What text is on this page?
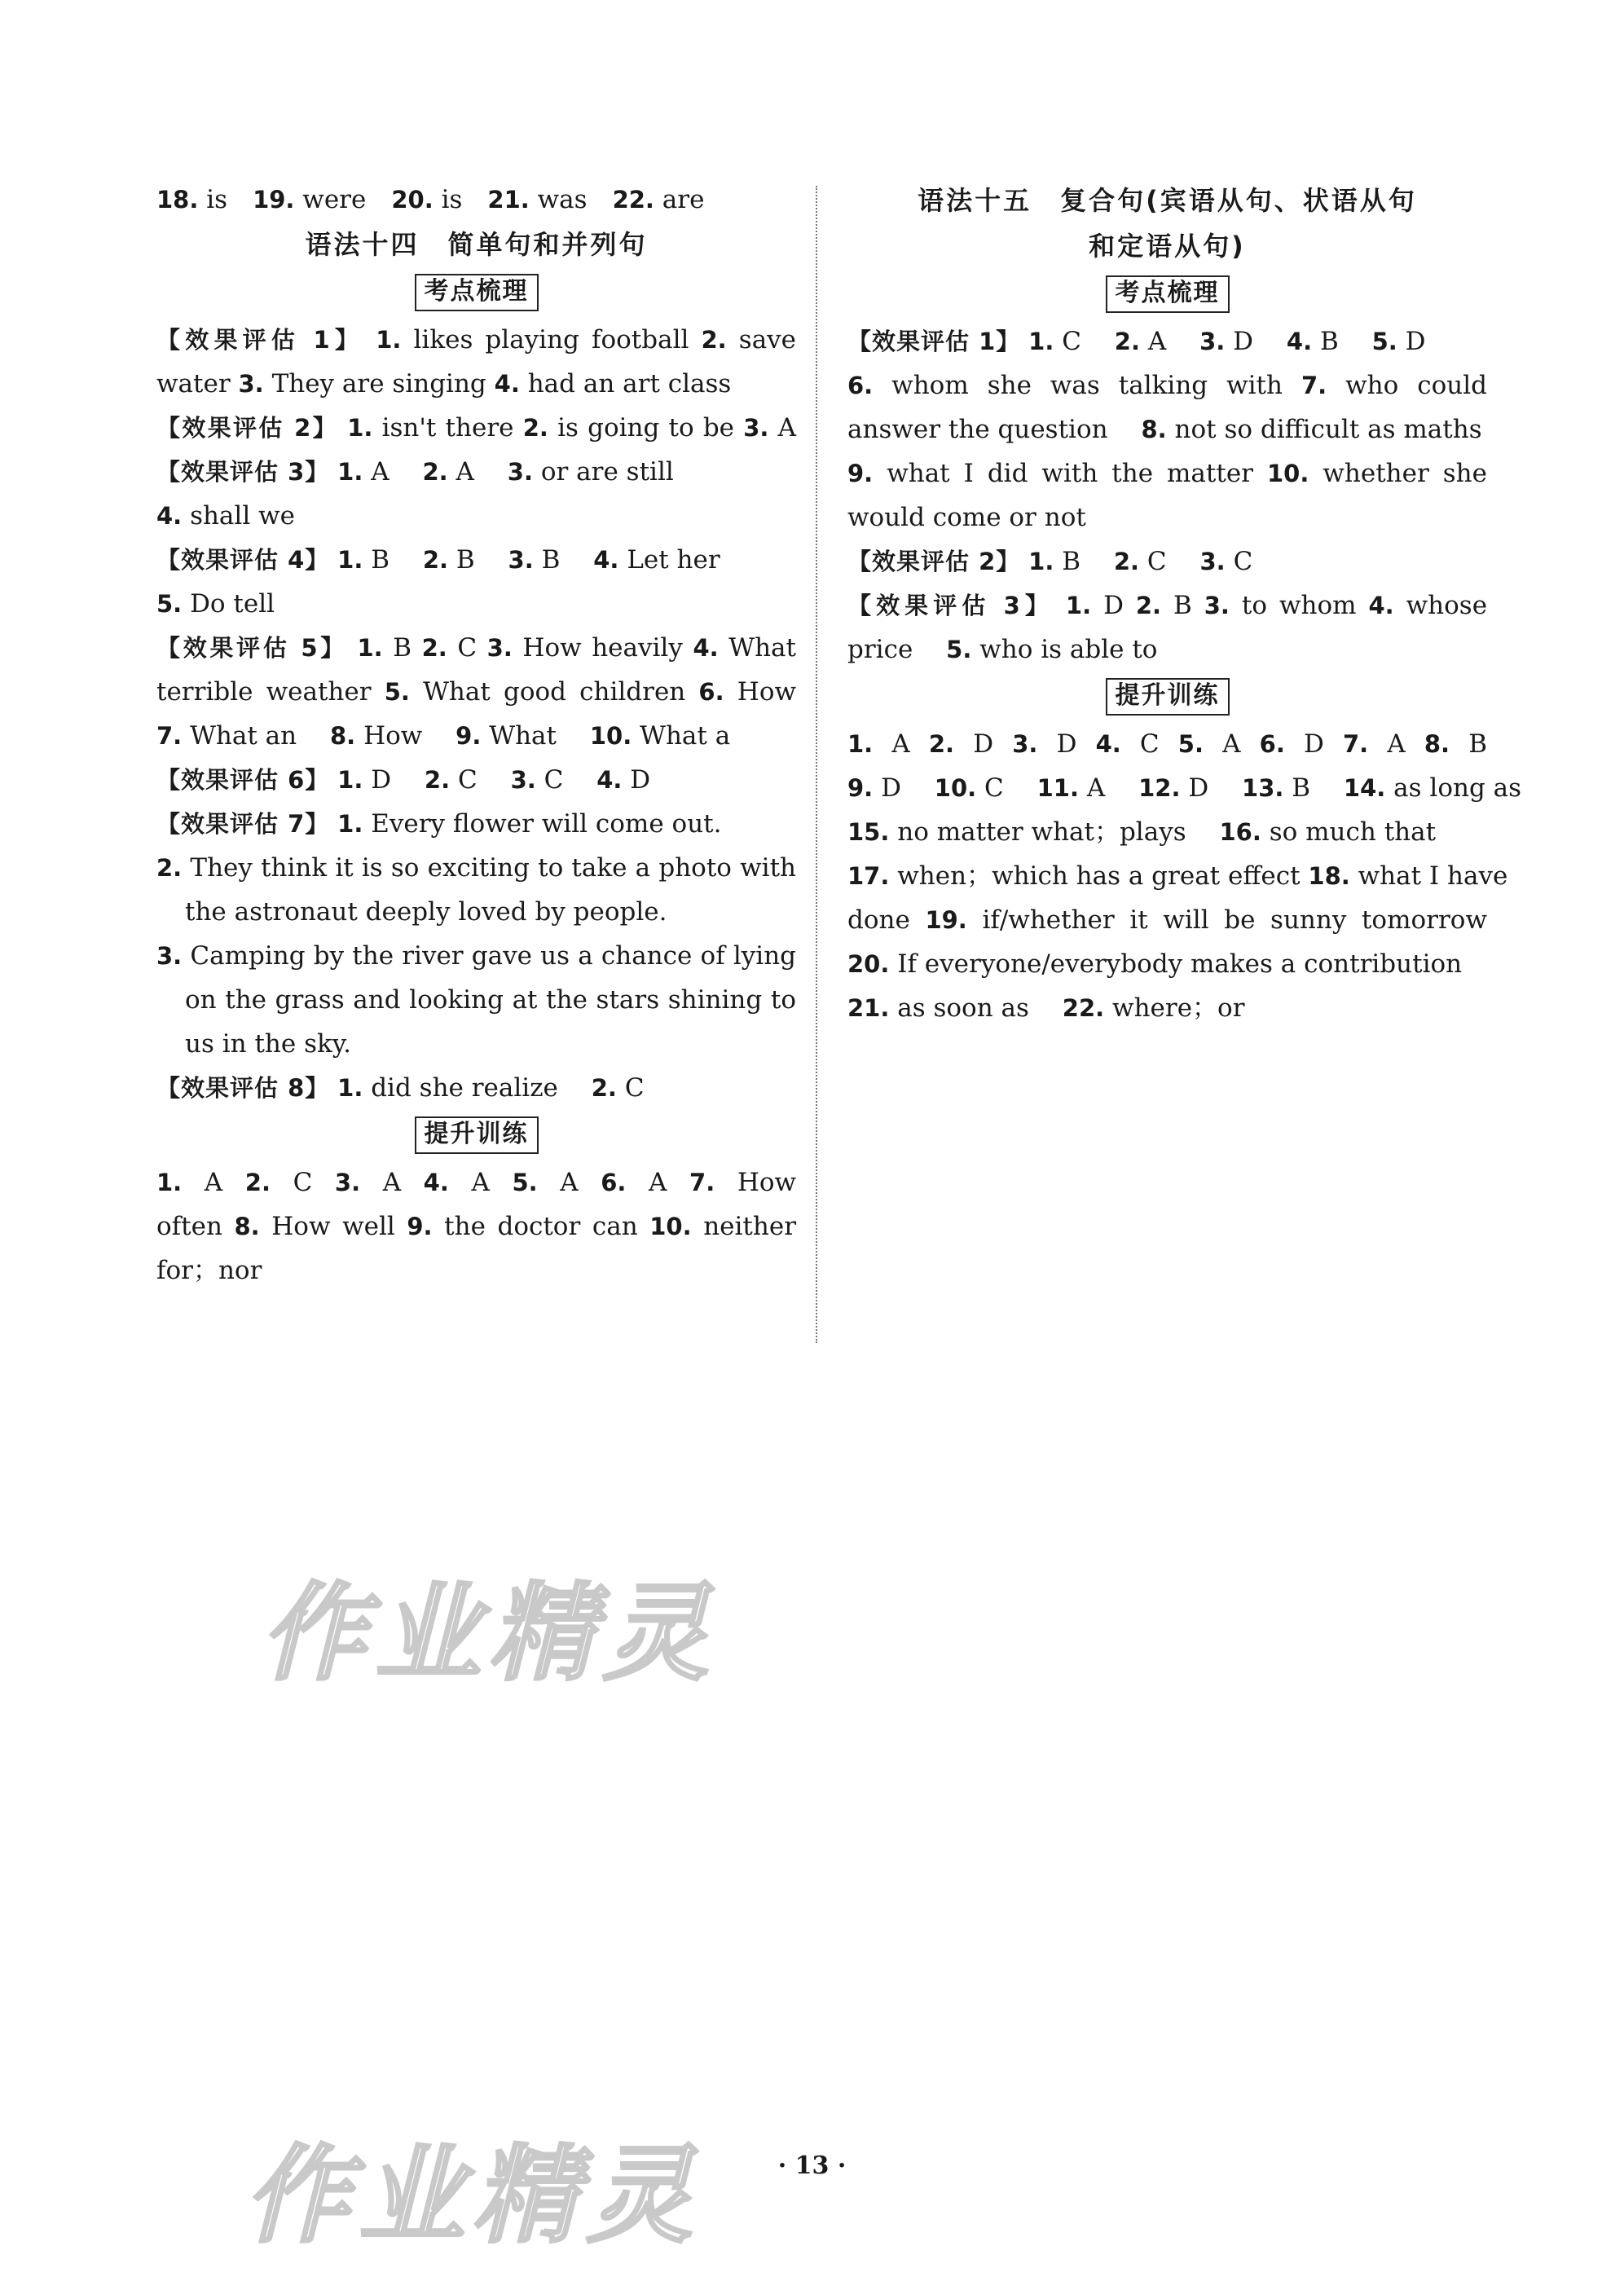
18. is　 19. were　 20. is　 21. was　 22. are　
语法十四　简单句和并列句
考点梳理
【效果评估 1】 1. likes playing football 2. save
water 3. They are singing 4. had an art class
【效果评估 2】 1. isn't there 2. is going to be 3. A
【效果评估 3】 1. A　 2. A　 3. or are still
4. shall we
【效果评估 4】 1. B　 2. B　 3. B　 4. Let her
5. Do tell
【效果评估 5】 1. B 2. C 3. How heavily 4. What
terrible weather 5. What good children 6. How
7. What an　 8. How　 9. What　 10. What a
【效果评估 6】 1. D　 2. C　 3. C　 4. D
【效果评估 7】 1. Every flower will come out.
2. They think it is so exciting to take a photo with
the astronaut deeply loved by people.
3. Camping by the river gave us a chance of lying
on the grass and looking at the stars shining to
us in the sky.
【效果评估 8】 1. did she realize　 2. C
提升训练
1. A 2. C 3. A 4. A 5. A 6. A 7. How
often 8. How well 9. the doctor can 10. neither
for；nor
语法十五　复合句(宾语从句、状语从句
和定语从句)
考点梳理
【效果评估 1】 1. C　 2. A　 3. D　 4. B　 5. D
6. whom she was talking with 7. who could
answer the question　 8. not so difficult as maths
9. what I did with the matter 10. whether she
would come or not
【效果评估 2】 1. B　 2. C　 3. C
【效果评估 3】 1. D 2. B 3. to whom 4. whose
price　 5. who is able to
提升训练
1. A 2. D 3. D 4. C 5. A 6. D 7. A 8. B
9. D　 10. C　 11. A　 12. D　 13. B　 14. as long as
15. no matter what；plays　 16. so much that
17. when；which has a great effect 18. what I have
done 19. if/whether it will be sunny tomorrow
20. If everyone/everybody makes a contribution
21. as soon as　 22. where；or
作业精灵
作业精灵	· 13 ·
